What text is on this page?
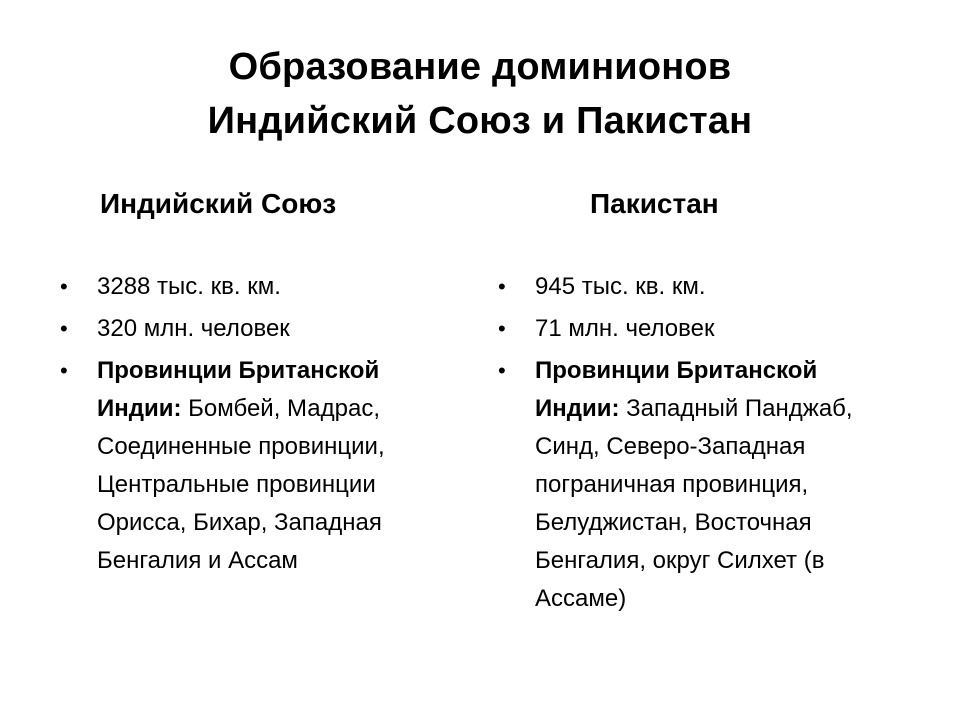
Образование доминионов
Индийский Союз и Пакистан
Индийский Союз
• 3288 тыс. кв. км.
• 320 млн. человек
• Провинции Британской Индии: Бомбей, Мадрас, Соединенные провинции, Центральные провинции Орисса, Бихар, Западная Бенгалия и Ассам
Пакистан
• 945 тыс. кв. км.
• 71 млн. человек
• Провинции Британской Индии: Западный Панджаб, Синд, Северо-Западная пограничная провинция, Белуджистан, Восточная Бенгалия, округ Силхет (в Ассаме)
